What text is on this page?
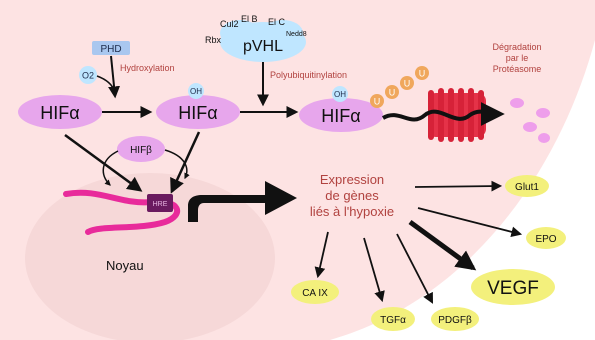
PHD
O2
Hydroxylation
HIFα	HIFα
OH
pVHL
Cul2 El B El C
Rbx
Nedd8
Polyubiquitinylation
HIFα
OH
U
U
U
U
Dégradation
par le
Protéasome
HIFβ
HRE
Noyau
Expression
de gènes
liés à l'hypoxie
Glut1
EPO
VEGF
PDGFβ
TGFα
CA IX
